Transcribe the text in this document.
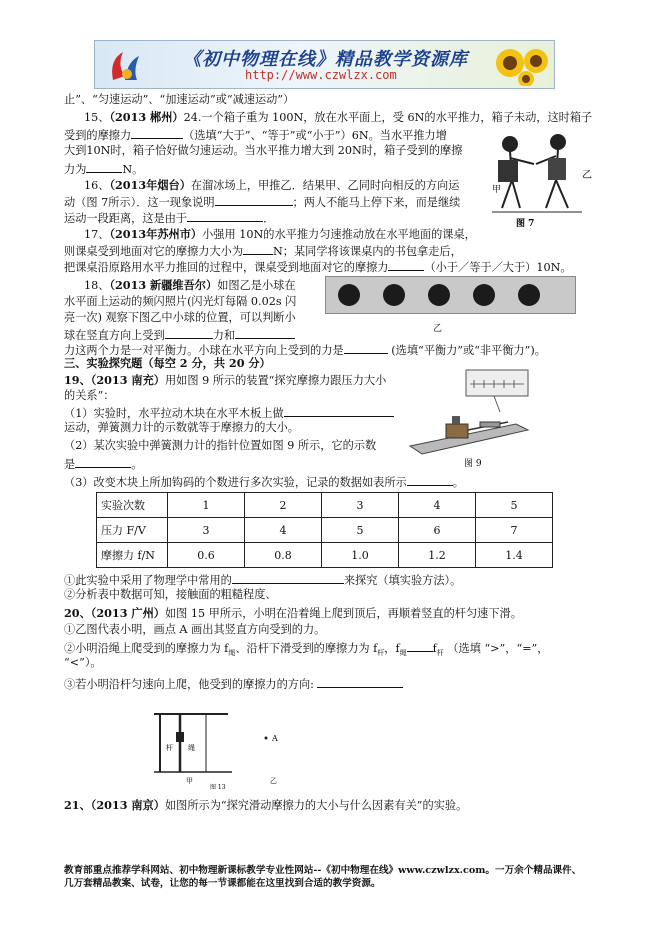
《初中物理在线》精品教学资源库
http://www.czwlzx.com
止”、“匀速运动”、“加速运动”或“减速运动”）
15、（2013 郴州）24.一个箱子重为 100N，放在水平面上，受 6N的水平推力，箱子未动，这时箱子
受到的摩擦力	（选填“大于”、“等于”或“小于”）6N。当水平推力增
大到10N时，箱子恰好做匀速运动。当水平推力增大到 20N时，箱子受到的摩擦
力为	N。
甲
乙
图 7
16、（2013年烟台）在溜冰场上，甲推乙．结果甲、乙同时向相反的方向运
动（图 7所示）．这一现象说明	；两人不能马上停下来，而是继续
运动一段距离，这是由于	．
17、（2013年苏州市）小强用 10N的水平推力匀速推动放在水平地面的课桌，
则课桌受到地面对它的摩擦力大小为	N；某同学将该课桌内的书包拿走后，
把课桌沿原路用水平力推回的过程中，课桌受到地面对它的摩擦力	（小于／等于／大于）10N。
18、（2013 新疆维吾尔）如图乙是小球在
水平面上运动的频闪照片(闪光灯每隔 0.02s 闪
亮一次) 观察下图乙中小球的位置，可以判断小
球在竖直方向上受到	力和
力这两个力是一对平衡力。小球在水平方向上受到的力是	(选填“平衡力”或“非平衡力”)。
乙
三、实验探究题（每空 2 分，共 20 分）
19、（2013 南充）用如图 9 所示的装置“探究摩擦力跟压力大小
的关系”：
（1）实验时，水平拉动木块在水平木板上做
运动，弹簧测力计的示数就等于摩擦力的大小。
（2）某次实验中弹簧测力计的指针位置如图 9 所示，它的示数
是	。
（3）改变木块上所加钩码的个数进行多次实验，记录的数据如表所示	。
图 9
实验次数	1	2	3	4	5
压力 F/V	3	4	5	6	7
摩擦力 f/N	0.6	0.8	1.0	1.2	1.4
①此实验中采用了物理学中常用的	来探究（填实验方法）。
②分析表中数据可知，接触面的粗糙程度、
20、（2013 广州）如图 15 甲所示，小明在沿着绳上爬到顶后，再顺着竖直的杆匀速下滑。
①乙图代表小明，画点 A 画出其竖直方向受到的力。
②小明沿绳上爬受到的摩擦力为 $f_绳$、沿杆下滑受到的摩擦力为 $f_杆$，$f_绳$ $f_杆$ （选填 “>”，“=”，
“<”）。
③若小明沿杆匀速向上爬，他受到的摩擦力的方向:
杆 绳
A
甲	乙
图 13
21、（2013 南京）如图所示为“探究滑动摩擦力的大小与什么因素有关”的实验。
教育部重点推荐学科网站、初中物理新课标教学专业性网站--《初中物理在线》www.czwlzx.com。一万余个精品课件、
几万套精品教案、试卷，让您的每一节课都能在这里找到合适的教学资源。
